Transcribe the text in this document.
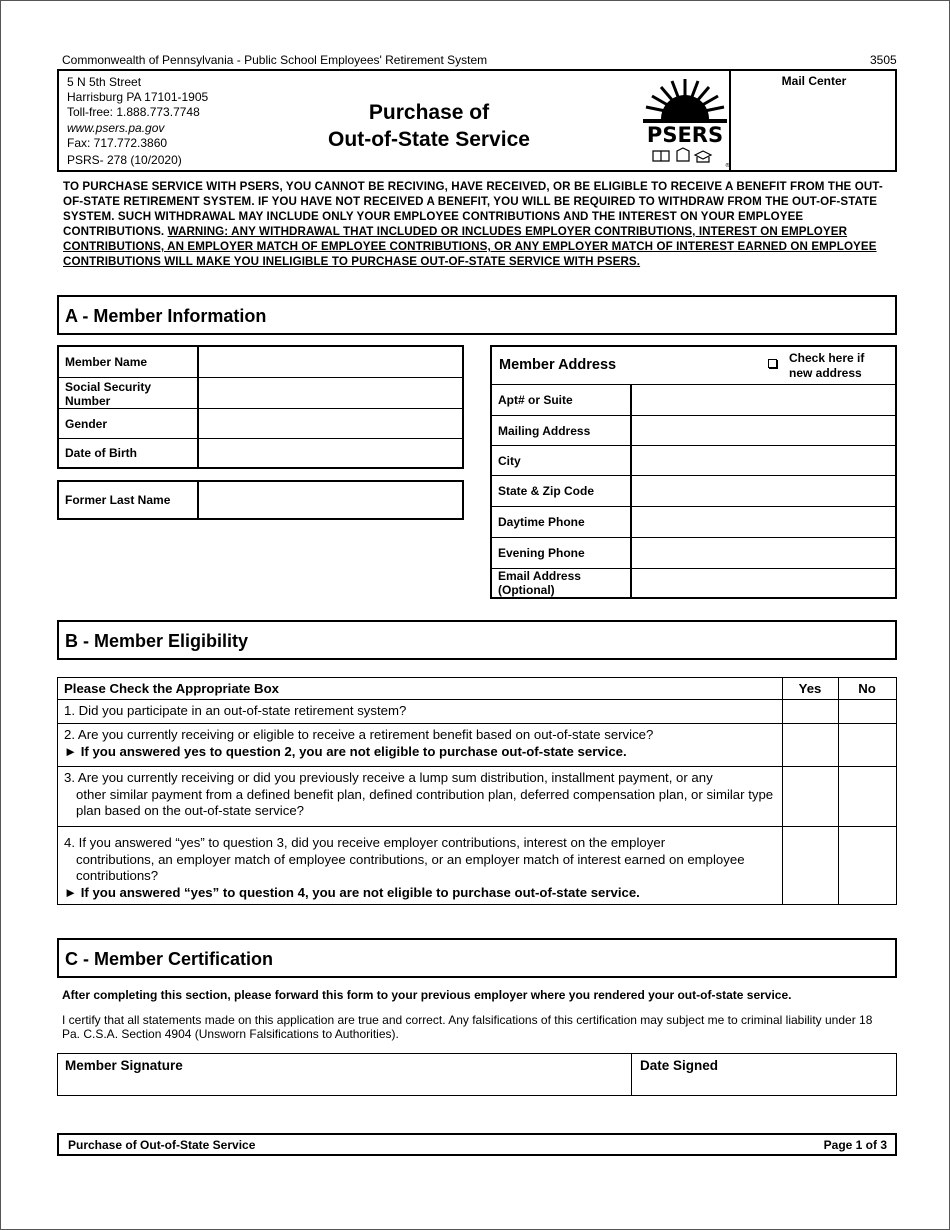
Commonwealth of Pennsylvania - Public School Employees' Retirement System	3505
5 N 5th Street
Harrisburg PA 17101-1905
Toll-free: 1.888.773.7748
www.psers.pa.gov
Fax: 717.772.3860
PSRS- 278 (10/2020)
Purchase of
Out-of-State Service	PSERS
®
Mail Center
TO PURCHASE SERVICE WITH PSERS, YOU CANNOT BE RECIVING, HAVE RECEIVED, OR BE ELIGIBLE TO RECEIVE A BENEFIT FROM THE OUT-OF-STATE RETIREMENT SYSTEM. IF YOU HAVE NOT RECEIVED A BENEFIT, YOU WILL BE REQUIRED TO WITHDRAW FROM THE OUT-OF-STATE SYSTEM. SUCH WITHDRAWAL MAY INCLUDE ONLY YOUR EMPLOYEE CONTRIBUTIONS AND THE INTEREST ON YOUR EMPLOYEE CONTRIBUTIONS. WARNING: ANY WITHDRAWAL THAT INCLUDED OR INCLUDES EMPLOYER CONTRIBUTIONS, INTEREST ON EMPLOYER CONTRIBUTIONS, AN EMPLOYER MATCH OF EMPLOYEE CONTRIBUTIONS, OR ANY EMPLOYER MATCH OF INTEREST EARNED ON EMPLOYEE CONTRIBUTIONS WILL MAKE YOU INELIGIBLE TO PURCHASE OUT-OF-STATE SERVICE WITH PSERS.
A - Member Information
Member Name
Social Security Number
Gender
Date of Birth
Former Last Name
Member Address	Check here if new address
Apt# or Suite
Mailing Address
City
State & Zip Code
Daytime Phone
Evening Phone
Email Address (Optional)
B - Member Eligibility
Please Check the Appropriate Box	Yes	No
1. Did you participate in an out-of-state retirement system?
2. Are you currently receiving or eligible to receive a retirement benefit based on out-of-state service?
► If you answered yes to question 2, you are not eligible to purchase out-of-state service.
3. Are you currently receiving or did you previously receive a lump sum distribution, installment payment, or any
other similar payment from a defined benefit plan, defined contribution plan, deferred compensation plan, or similar type plan based on the out-of-state service?
4. If you answered “yes” to question 3, did you receive employer contributions, interest on the employer
contributions, an employer match of employee contributions, or an employer match of interest earned on employee contributions?
► If you answered “yes” to question 4, you are not eligible to purchase out-of-state service.
C - Member Certification
After completing this section, please forward this form to your previous employer where you rendered your out-of-state service.
I certify that all statements made on this application are true and correct. Any falsifications of this certification may subject me to criminal liability under 18 Pa. C.S.A. Section 4904 (Unsworn Falsifications to Authorities).
Member Signature	Date Signed
Purchase of Out-of-State Service	Page 1 of 3
